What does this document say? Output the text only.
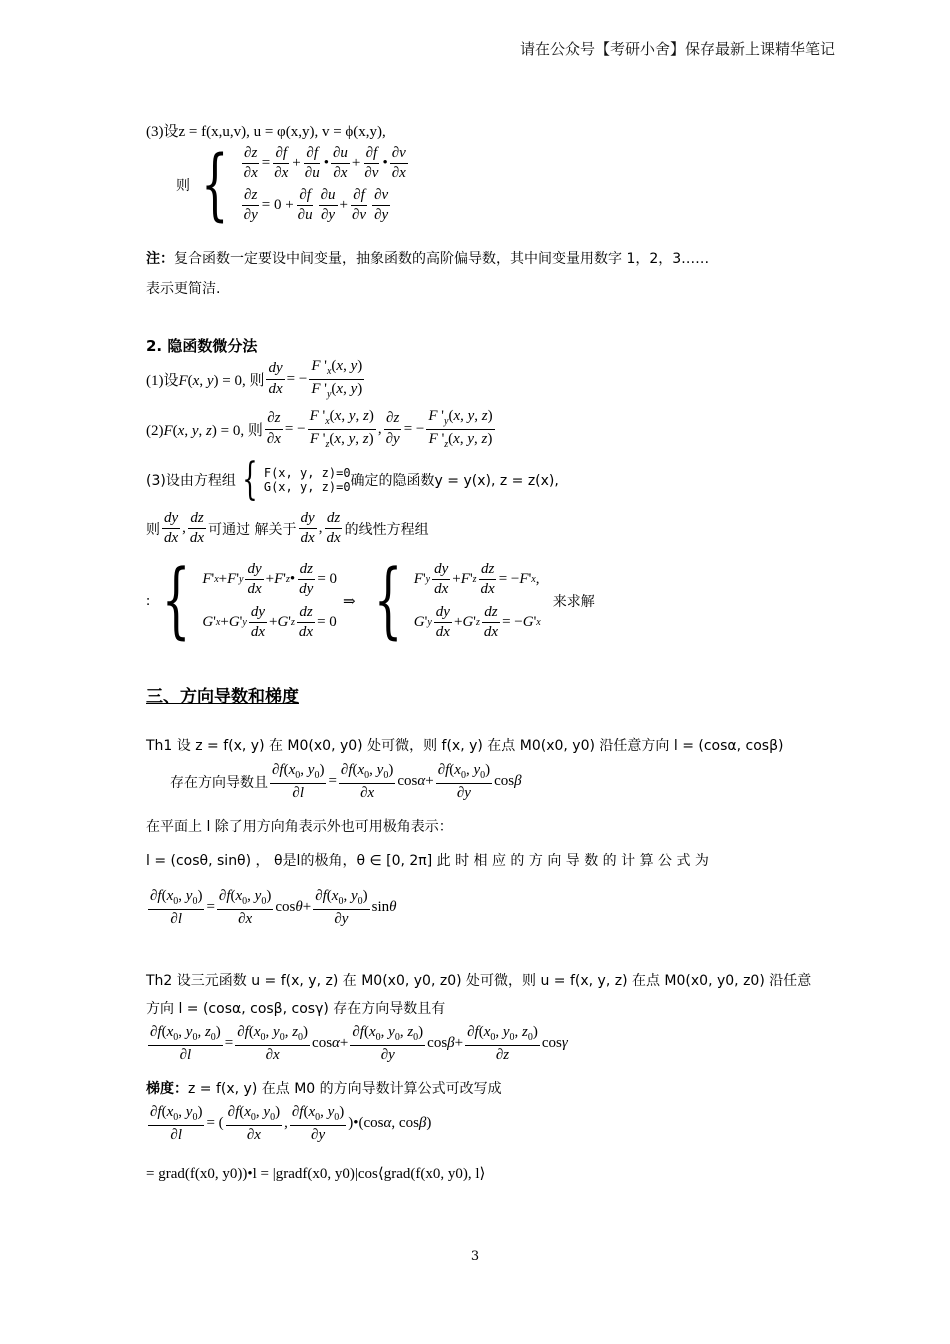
请在公众号【考研小舍】保存最新上课精华笔记
(3)设z = f(x,u,v), u = φ(x,y), v = ϕ(x,y),
则 { $\frac{\partial z}{\partial x} = \frac{\partial f}{\partial x} + \frac{\partial f}{\partial u}$ • $\frac{\partial u}{\partial x} + \frac{\partial f}{\partial v}$ • $\frac{\partial v}{\partial x}$
$\frac{\partial z}{\partial y} = 0 + \frac{\partial f}{\partial u} \frac{\partial u}{\partial y} + \frac{\partial f}{\partial v} \frac{\partial v}{\partial y}$
注：复合函数一定要设中间变量，抽象函数的高阶偏导数，其中间变量用数字 1，2，3……
表示更简洁.
2. 隐函数微分法
(1)设F(x, y) = 0, 则 $\frac{dy}{dx}$ = − $\frac{F '_x(x, y)}{F '_y(x, y)}$
(2)F(x, y, z) = 0, 则 $\frac{\partial z}{\partial x}$ = − $\frac{F '_x(x, y, z)}{F '_z(x, y, z)}$ , $\frac{\partial z}{\partial y}$ = − $\frac{F '_y(x, y, z)}{F '_z(x, y, z)}$
(3)设由方程组 { F(x, y, z)=0
G(x, y, z)=0 确定的隐函数y = y(x), z = z(x),
则 $\frac{dy}{dx}$ , $\frac{dz}{dx}$ 可通过 解关于 $\frac{dy}{dx}$ , $\frac{dz}{dx}$ 的线性方程组
: { F ' x + F ' y $\frac{dy}{dx} + F$ ' z • $\frac{dz}{dy} = 0$
G ' x + G ' y $\frac{dy}{dx} + G$ ' z $\frac{dz}{dx} = 0$
⇒ { F ' y $\frac{dy}{dx} + F$ ' z $\frac{dz}{dx}$ = − F ' x ,
G ' y $\frac{dy}{dx} + G$ ' z $\frac{dz}{dx}$ = − G ' x
来求解
三、方向导数和梯度
Th1 设 z = f(x, y) 在 M0(x0, y0) 处可微，则 f(x, y) 在点 M0(x0, y0) 沿任意方向 l = (cosα, cosβ)
存在方向导数且 $\frac{\partial f(x_0, y_0)}{\partial l} = \frac{\partial f(x_0, y_0)}{\partial x}$ $\cos \alpha + \frac{\partial f(x_0, y_0)}{\partial y}$ cos β
在平面上 l 除了用方向角表示外也可用极角表示：
l = (cosθ, sinθ) ， θ是l的极角，θ ∈ [0, 2π] 此 时 相 应 的 方 向 导 数 的 计 算 公 式 为
$\frac{\partial f(x_0, y_0)}{\partial l} = \frac{\partial f(x_0, y_0)}{\partial x}$ $\cos \theta + \frac{\partial f(x_0, y_0)}{\partial y}$ sin θ
Th2 设三元函数 u = f(x, y, z) 在 M0(x0, y0, z0) 处可微，则 u = f(x, y, z) 在点 M0(x0, y0, z0) 沿任意
方向 l = (cosα, cosβ, cosγ) 存在方向导数且有
$\frac{\partial f(x_0, y_0, z_0)}{\partial l} = \frac{\partial f(x_0, y_0, z_0)}{\partial x}$ $\cos \alpha + \frac{\partial f(x_0, y_0, z_0)}{\partial y}$ $\cos \beta + \frac{\partial f(x_0, y_0, z_0)}{\partial z}$ cos γ
梯度：z = f(x, y) 在点 M0 的方向导数计算公式可改写成
$\frac{\partial f(x_0, y_0)}{\partial l}$ = ( $\frac{\partial f(x_0, y_0)}{\partial x}$ , $\frac{\partial f(x_0, y_0)}{\partial y}$ )•(cos α , cos β )
= grad(f(x0, y0))•l = |gradf(x0, y0)|cos⟨grad(f(x0, y0), l⟩
3
